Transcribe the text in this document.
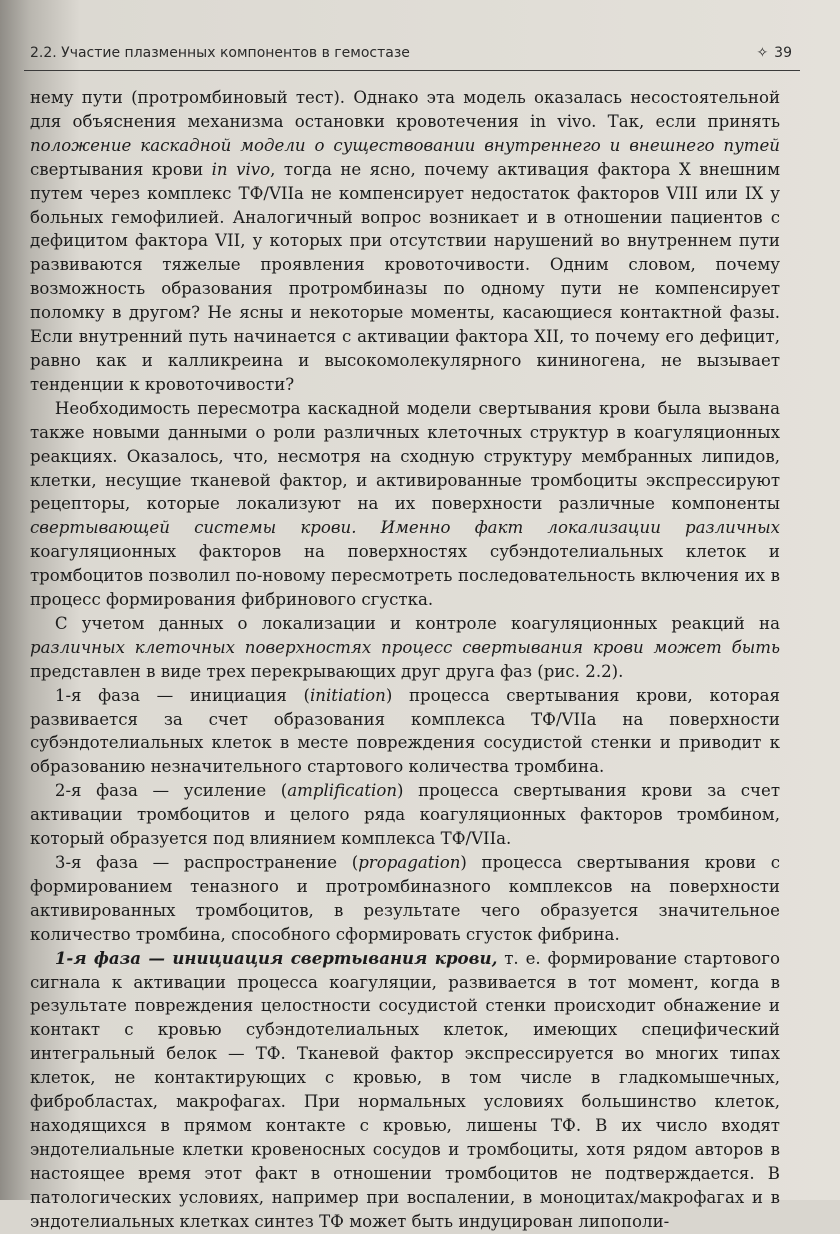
2.2. Участие плазменных компонентов в гемостазе	✧ 39

нему пути (протромбиновый тест). Однако эта модель оказалась несостоятельной для объяснения механизма остановки кровотечения in vivo. Так, если принять положение каскадной модели о существовании внутреннего и внешнего путей свертывания крови in vivo, тогда не ясно, почему активация фактора X внешним путем через комплекс ТФ/VIIa не компенсирует недостаток факторов VIII или IX у больных гемофилией. Аналогичный вопрос возникает и в отношении пациентов с дефицитом фактора VII, у которых при отсутствии нарушений во внутреннем пути развиваются тяжелые проявления кровоточивости. Одним словом, почему возможность образования протромбиназы по одному пути не компенсирует поломку в другом? Не ясны и некоторые моменты, касающиеся контактной фазы. Если внутренний путь начинается с активации фактора XII, то почему его дефицит, равно как и калликреина и высокомолекулярного кининогена, не вызывает тенденции к кровоточивости?

Необходимость пересмотра каскадной модели свертывания крови была вызвана также новыми данными о роли различных клеточных структур в коагуляционных реакциях. Оказалось, что, несмотря на сходную структуру мембранных липидов, клетки, несущие тканевой фактор, и активированные тромбоциты экспрессируют рецепторы, которые локализуют на их поверхности различные компоненты свертывающей системы крови. Именно факт локализации различных коагуляционных факторов на поверхностях субэндотелиальных клеток и тромбоцитов позволил по-новому пересмотреть последовательность включения их в процесс формирования фибринового сгустка.

С учетом данных о локализации и контроле коагуляционных реакций на различных клеточных поверхностях процесс свертывания крови может быть представлен в виде трех перекрывающих друг друга фаз (рис. 2.2).

1-я фаза — инициация (initiation) процесса свертывания крови, которая развивается за счет образования комплекса ТФ/VIIa на поверхности субэндотелиальных клеток в месте повреждения сосудистой стенки и приводит к образованию незначительного стартового количества тромбина.

2-я фаза — усиление (amplification) процесса свертывания крови за счет активации тромбоцитов и целого ряда коагуляционных факторов тромбином, который образуется под влиянием комплекса ТФ/VIIa.

3-я фаза — распространение (propagation) процесса свертывания крови с формированием теназного и протромбиназного комплексов на поверхности активированных тромбоцитов, в результате чего образуется значительное количество тромбина, способного сформировать сгусток фибрина.

1-я фаза — инициация свертывания крови, т. е. формирование стартового сигнала к активации процесса коагуляции, развивается в тот момент, когда в результате повреждения целостности сосудистой стенки происходит обнажение и контакт с кровью субэндотелиальных клеток, имеющих специфический интегральный белок — ТФ. Тканевой фактор экспрессируется во многих типах клеток, не контактирующих с кровью, в том числе в гладкомышечных, фибробластах, макрофагах. При нормальных условиях большинство клеток, находящихся в прямом контакте с кровью, лишены ТФ. В их число входят эндотелиальные клетки кровеносных сосудов и тромбоциты, хотя рядом авторов в настоящее время этот факт в отношении тромбоцитов не подтверждается. В патологических условиях, например при воспалении, в моноцитах/макрофагах и в эндотелиальных клетках синтез ТФ может быть индуцирован липополи-
